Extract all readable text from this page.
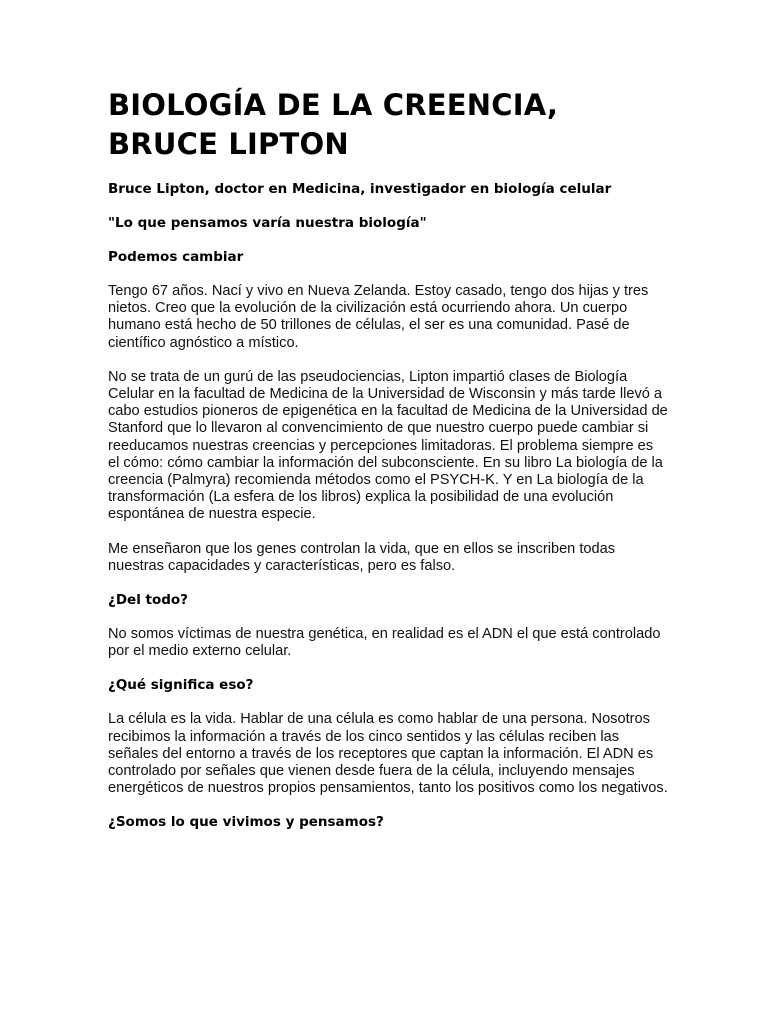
BIOLOGÍA DE LA CREENCIA, BRUCE LIPTON

Bruce Lipton, doctor en Medicina, investigador en biología celular

"Lo que pensamos varía nuestra biología"

Podemos cambiar

Tengo 67 años. Nací y vivo en Nueva Zelanda. Estoy casado, tengo dos hijas y tres nietos. Creo que la evolución de la civilización está ocurriendo ahora. Un cuerpo humano está hecho de 50 trillones de células, el ser es una comunidad. Pasé de científico agnóstico a místico.

No se trata de un gurú de las pseudociencias, Lipton impartió clases de Biología Celular en la facultad de Medicina de la Universidad de Wisconsin y más tarde llevó a cabo estudios pioneros de epigenética en la facultad de Medicina de la Universidad de Stanford que lo llevaron al convencimiento de que nuestro cuerpo puede cambiar si reeducamos nuestras creencias y percepciones limitadoras. El problema siempre es el cómo: cómo cambiar la información del subconsciente. En su libro La biología de la creencia (Palmyra) recomienda métodos como el PSYCH-K. Y en La biología de la transformación (La esfera de los libros) explica la posibilidad de una evolución espontánea de nuestra especie.

Me enseñaron que los genes controlan la vida, que en ellos se inscriben todas nuestras capacidades y características, pero es falso.

¿Del todo?

No somos víctimas de nuestra genética, en realidad es el ADN el que está controlado por el medio externo celular.

¿Qué significa eso?

La célula es la vida. Hablar de una célula es como hablar de una persona. Nosotros recibimos la información a través de los cinco sentidos y las células reciben las señales del entorno a través de los receptores que captan la información. El ADN es controlado por señales que vienen desde fuera de la célula, incluyendo mensajes energéticos de nuestros propios pensamientos, tanto los positivos como los negativos.

¿Somos lo que vivimos y pensamos?
